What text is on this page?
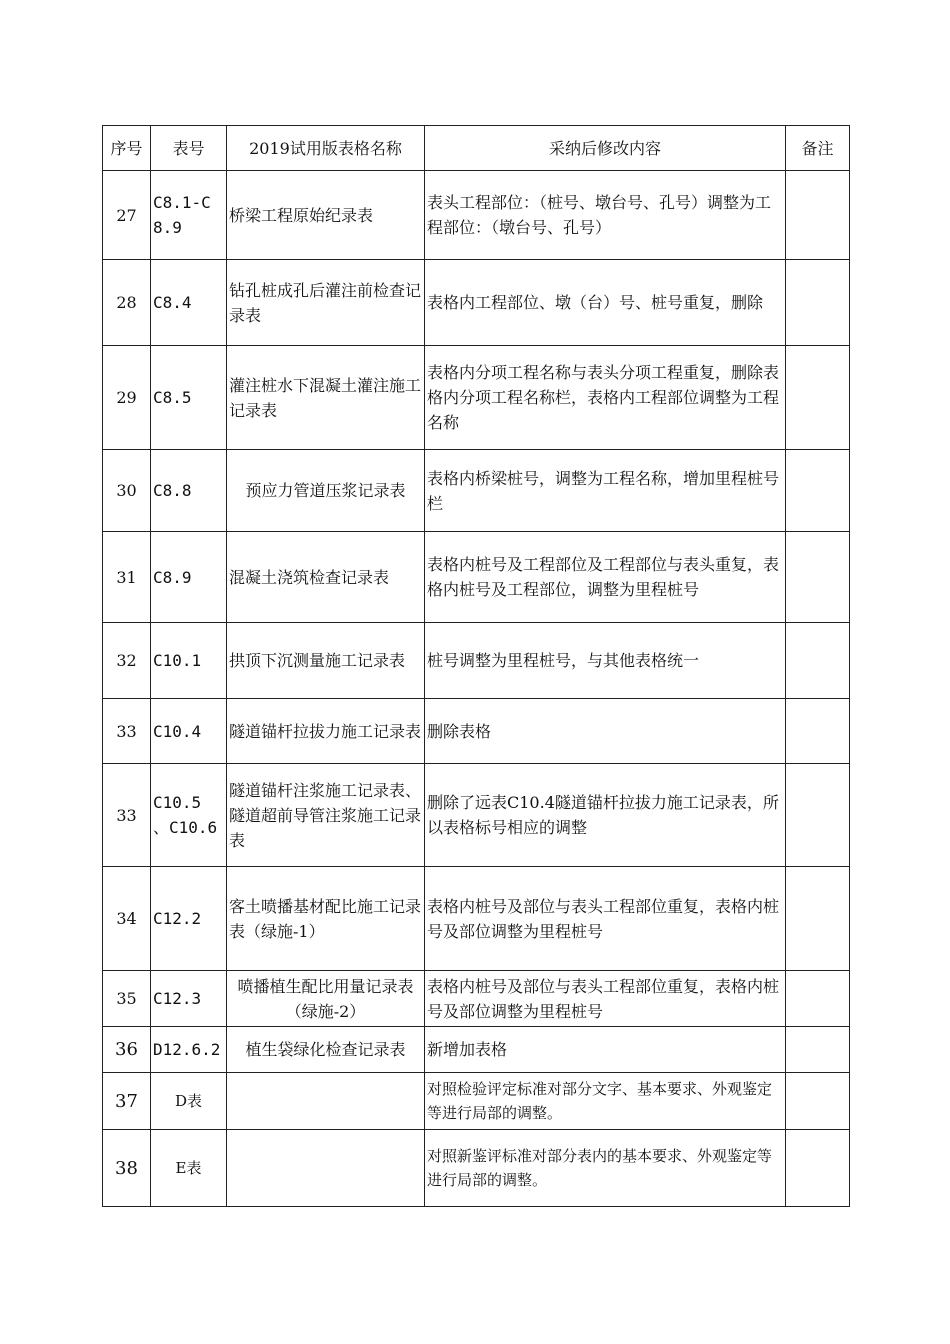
序号	表号	2019试用版表格名称	采纳后修改内容	备注
27	C8.1-C8.9	桥梁工程原始纪录表	表头工程部位：（桩号、墩台号、孔号）调整为工程部位：（墩台号、孔号）	
28	C8.4	钻孔桩成孔后灌注前检查记录表	表格内工程部位、墩（台）号、桩号重复，删除	
29	C8.5	灌注桩水下混凝土灌注施工记录表	表格内分项工程名称与表头分项工程重复，删除表格内分项工程名称栏，表格内工程部位调整为工程名称	
30	C8.8	预应力管道压浆记录表	表格内桥梁桩号，调整为工程名称，增加里程桩号栏	
31	C8.9	混凝土浇筑检查记录表	表格内桩号及工程部位及工程部位与表头重复，表格内桩号及工程部位，调整为里程桩号	
32	C10.1	拱顶下沉测量施工记录表	桩号调整为里程桩号，与其他表格统一	
33	C10.4	隧道锚杆拉拔力施工记录表	删除表格	
33	C10.5 、C10.6	隧道锚杆注浆施工记录表、隧道超前导管注浆施工记录表	删除了远表C10.4隧道锚杆拉拔力施工记录表，所以表格标号相应的调整	
34	C12.2	客土喷播基材配比施工记录表（绿施-1）	表格内桩号及部位与表头工程部位重复，表格内桩号及部位调整为里程桩号	
35	C12.3	喷播植生配比用量记录表（绿施-2）	表格内桩号及部位与表头工程部位重复，表格内桩号及部位调整为里程桩号	
36	D12.6.2	植生袋绿化检查记录表	新增加表格	
37	D表		对照检验评定标准对部分文字、基本要求、外观鉴定等进行局部的调整。	
38	E表		对照新鉴评标准对部分表内的基本要求、外观鉴定等进行局部的调整。	
